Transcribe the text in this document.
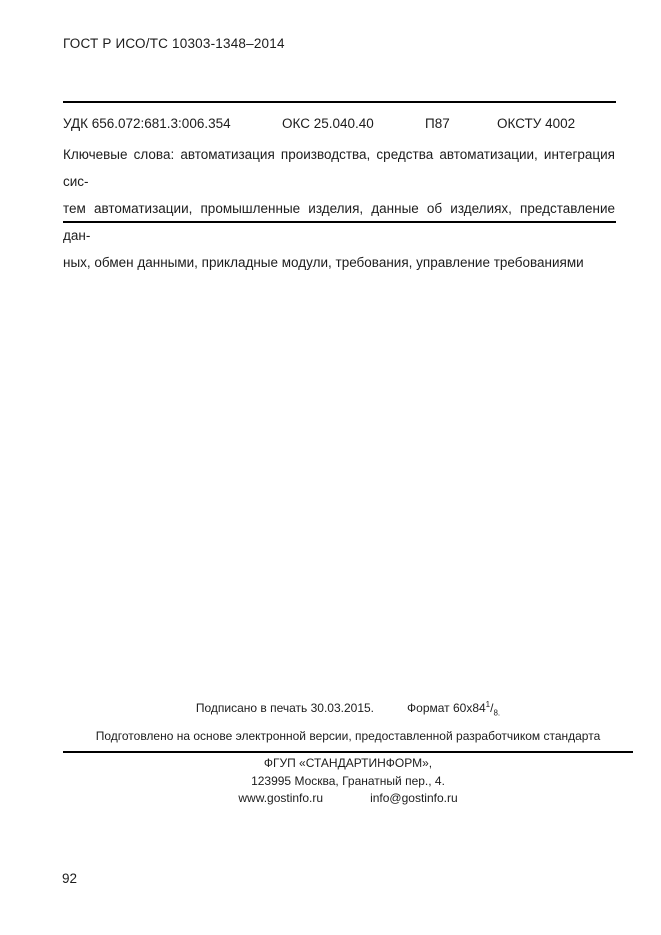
ГОСТ Р ИСО/ТС 10303-1348–2014
УДК 656.072:681.3:006.354	ОКС 25.040.40	П87	ОКСТУ 4002
Ключевые слова: автоматизация производства, средства автоматизации, интеграция сис-
тем автоматизации, промышленные изделия, данные об изделиях, представление дан-
ных, обмен данными, прикладные модули, требования, управление требованиями
Подписано в печать 30.03.2015.	Формат $60х84^1/_{8.}$
Подготовлено на основе электронной версии, предоставленной разработчиком стандарта
ФГУП «СТАНДАРТИНФОРМ»,
123995 Москва, Гранатный пер., 4.
www.gostinfo.ru	info@gostinfo.ru
92
